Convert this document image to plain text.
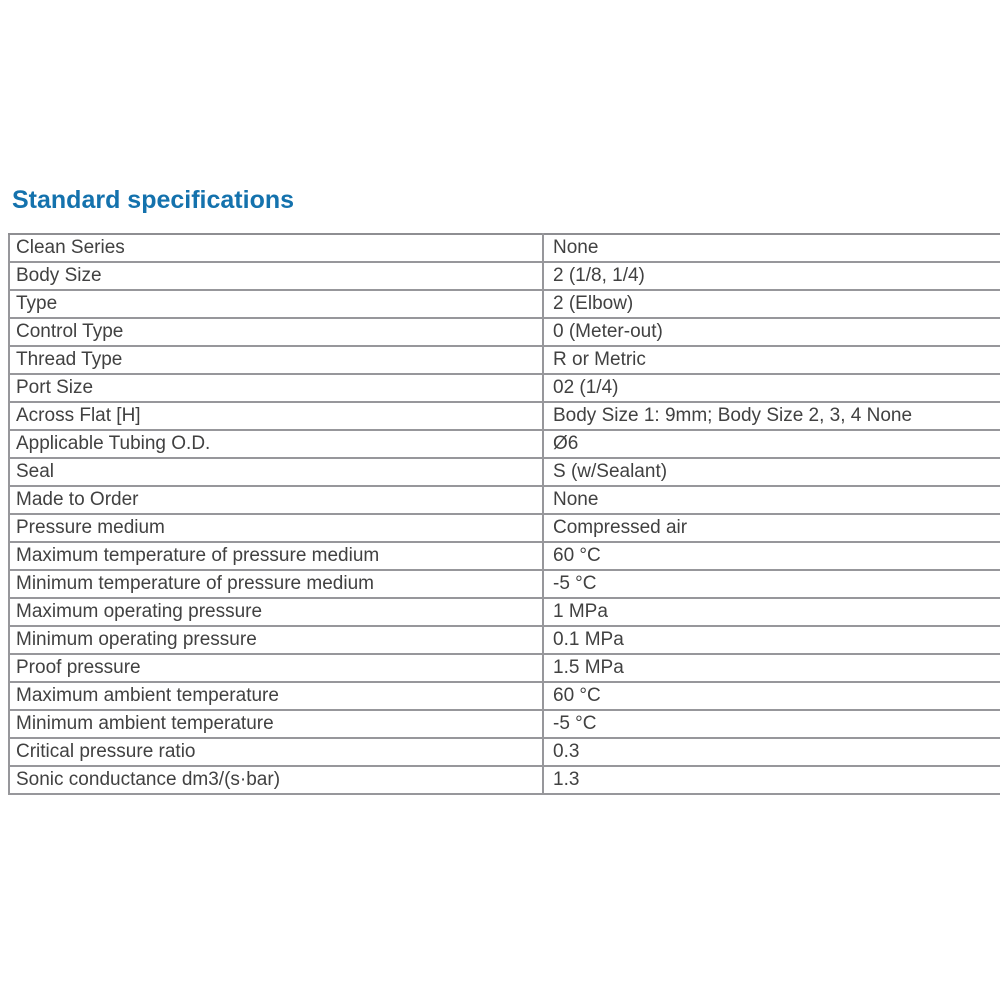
Standard specifications
Clean Series	None
Body Size	2 (1/8, 1/4)
Type	2 (Elbow)
Control Type	0 (Meter-out)
Thread Type	R or Metric
Port Size	02 (1/4)
Across Flat [H]	Body Size 1: 9mm; Body Size 2, 3, 4 None
Applicable Tubing O.D.	Ø6
Seal	S (w/Sealant)
Made to Order	None
Pressure medium	Compressed air
Maximum temperature of pressure medium	60 °C
Minimum temperature of pressure medium	-5 °C
Maximum operating pressure	1 MPa
Minimum operating pressure	0.1 MPa
Proof pressure	1.5 MPa
Maximum ambient temperature	60 °C
Minimum ambient temperature	-5 °C
Critical pressure ratio	0.3
Sonic conductance dm3/(s·bar)	1.3
